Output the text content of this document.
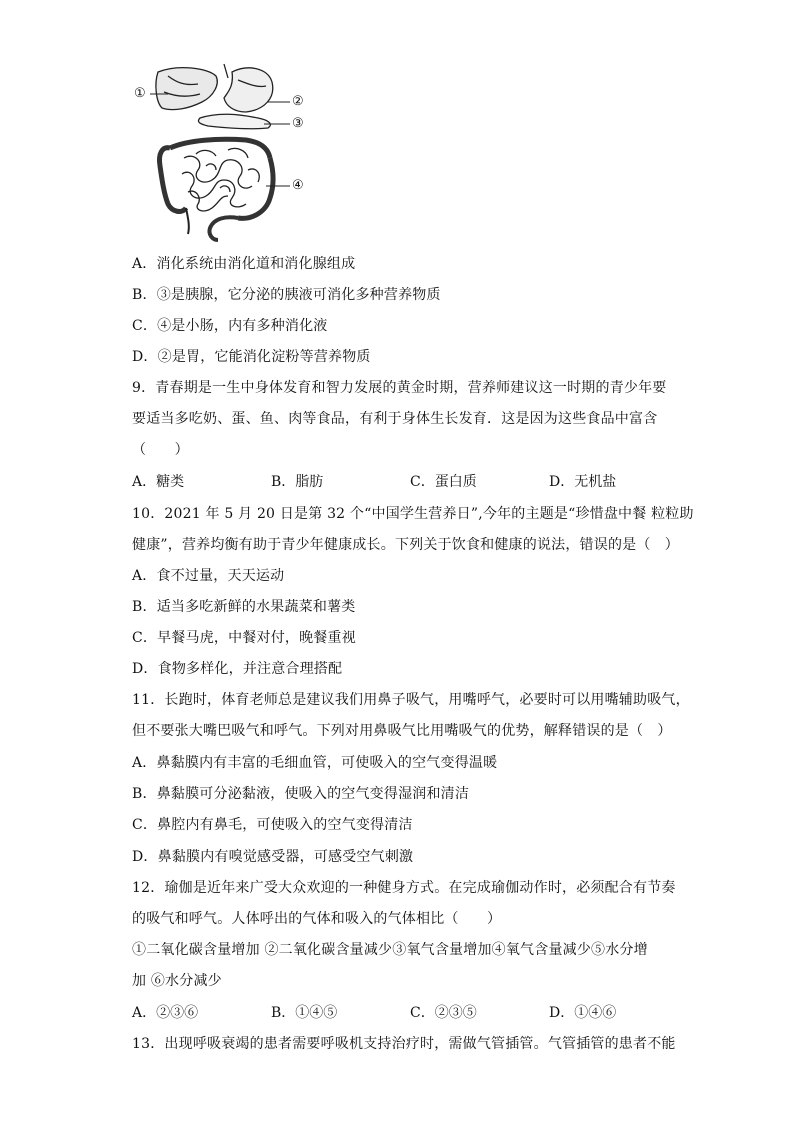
①
②
③
④
A．消化系统由消化道和消化腺组成
B．③是胰腺，它分泌的胰液可消化多种营养物质
C．④是小肠，内有多种消化液
D．②是胃，它能消化淀粉等营养物质
9．青春期是一生中身体发育和智力发展的黄金时期，营养师建议这一时期的青少年要
要适当多吃奶、蛋、鱼、肉等食品，有利于身体生长发育．这是因为这些食品中富含
（　　）
A．糖类	B．脂肪	C．蛋白质	D．无机盐
10．2021 年 5 月 20 日是第 32 个“中国学生营养日”,今年的主题是“珍惜盘中餐 粒粒助
健康”，营养均衡有助于青少年健康成长。下列关于饮食和健康的说法，错误的是（　）
A．食不过量，天天运动
B．适当多吃新鲜的水果蔬菜和薯类
C．早餐马虎，中餐对付，晚餐重视
D．食物多样化，并注意合理搭配
11．长跑时，体育老师总是建议我们用鼻子吸气，用嘴呼气，必要时可以用嘴辅助吸气，
但不要张大嘴巴吸气和呼气。下列对用鼻吸气比用嘴吸气的优势，解释错误的是（　）
A．鼻黏膜内有丰富的毛细血管，可使吸入的空气变得温暖
B．鼻黏膜可分泌黏液，使吸入的空气变得湿润和清洁
C．鼻腔内有鼻毛，可使吸入的空气变得清洁
D．鼻黏膜内有嗅觉感受器，可感受空气刺激
12．瑜伽是近年来广受大众欢迎的一种健身方式。在完成瑜伽动作时，必须配合有节奏
的吸气和呼气。人体呼出的气体和吸入的气体相比（　　）
①二氧化碳含量增加 ②二氧化碳含量减少③氧气含量增加④氧气含量减少⑤水分增
加 ⑥水分减少
A．②③⑥	B．①④⑤	C．②③⑤	D．①④⑥
13．出现呼吸衰竭的患者需要呼吸机支持治疗时，需做气管插管。气管插管的患者不能
